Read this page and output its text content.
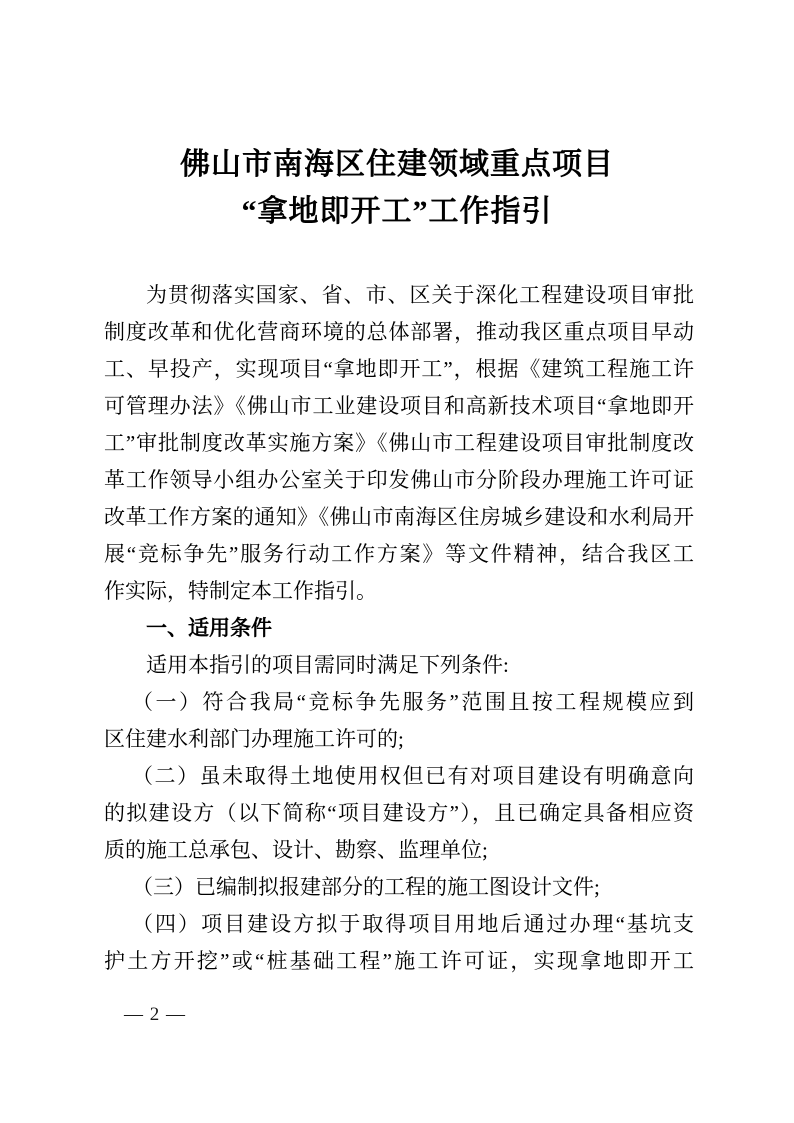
佛山市南海区住建领域重点项目
“拿地即开工”工作指引
为贯彻落实国家、省、市、区关于深化工程建设项目审批
制度改革和优化营商环境的总体部署，推动我区重点项目早动
工、早投产，实现项目“拿地即开工”，根据《建筑工程施工许
可管理办法》《佛山市工业建设项目和高新技术项目“拿地即开
工”审批制度改革实施方案》《佛山市工程建设项目审批制度改
革工作领导小组办公室关于印发佛山市分阶段办理施工许可证
改革工作方案的通知》《佛山市南海区住房城乡建设和水利局开
展“竞标争先”服务行动工作方案》等文件精神，结合我区工
作实际，特制定本工作指引。
一、适用条件
适用本指引的项目需同时满足下列条件:
（一）符合我局“竞标争先服务”范围且按工程规模应到
区住建水利部门办理施工许可的;
（二）虽未取得土地使用权但已有对项目建设有明确意向
的拟建设方（以下简称“项目建设方”），且已确定具备相应资
质的施工总承包、设计、勘察、监理单位;
（三）已编制拟报建部分的工程的施工图设计文件;
（四）项目建设方拟于取得项目用地后通过办理“基坑支
护土方开挖”或“桩基础工程”施工许可证，实现拿地即开工
— 2 —
